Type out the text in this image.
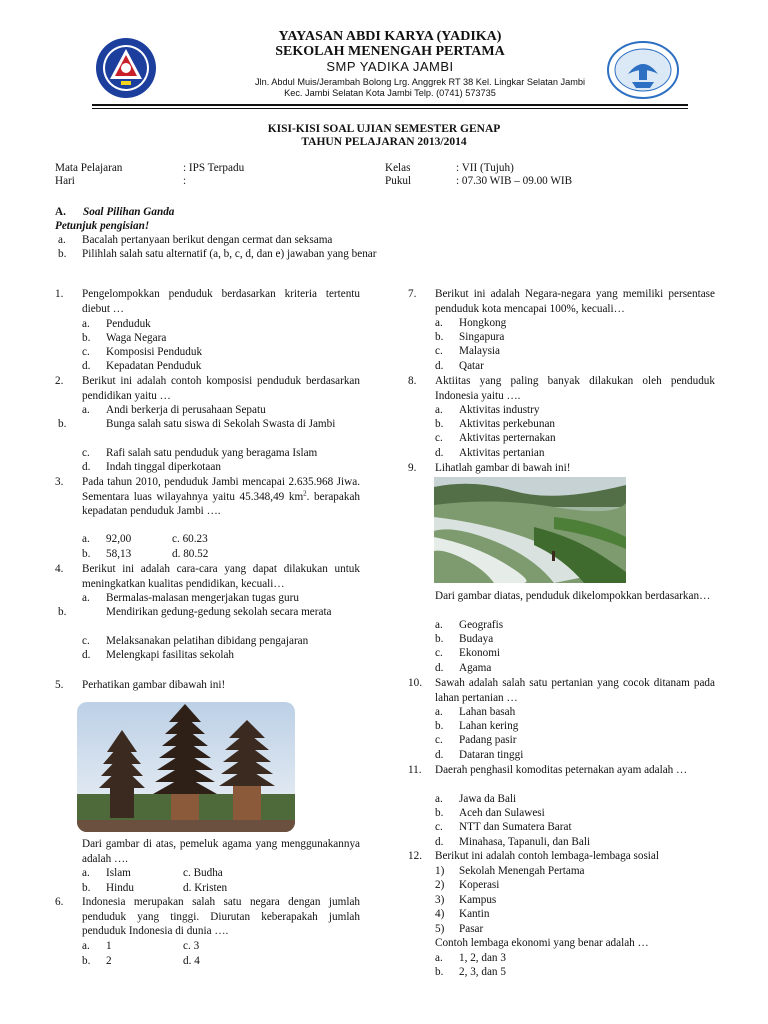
YAYASAN ABDI KARYA (YADIKA)
SEKOLAH MENENGAH PERTAMA
SMP YADIKA JAMBI
Jln. Abdul Muis/Jerambah Bolong Lrg. Anggrek RT 38 Kel. Lingkar Selatan Jambi
Kec. Jambi Selatan Kota Jambi Telp. (0741) 573735
KISI-KISI SOAL UJIAN SEMESTER GENAP
TAHUN PELAJARAN 2013/2014
Mata Pelajaran	: IPS Terpadu
Hari	:
Kelas	: VII (Tujuh)
Pukul	: 07.30 WIB – 09.00 WIB
A. Soal Pilihan Ganda
Petunjuk pengisian!
a. Bacalah pertanyaan berikut dengan cermat dan seksama
b. Pilihlah salah satu alternatif (a, b, c, d, dan e) jawaban yang benar
1. Pengelompokkan penduduk berdasarkan kriteria tertentu diebut …
a. Penduduk
b. Waga Negara
c. Komposisi Penduduk
d. Kepadatan Penduduk
2. Berikut ini adalah contoh komposisi penduduk berdasarkan pendidikan yaitu …
a. Andi berkerja di perusahaan Sepatu
b.	Bunga salah satu siswa di Sekolah Swasta di Jambi
c. Rafi salah satu penduduk yang beragama Islam
d. Indah tinggal diperkotaan
3. Pada tahun 2010, penduduk Jambi mencapai 2.635.968 Jiwa. Sementara luas wilayahnya yaitu 45.348,49 $km^2$. berapakah kepadatan penduduk Jambi ….
a. 92,00	c. 60.23
b. 58,13	d. 80.52
4. Berikut ini adalah cara-cara yang dapat dilakukan untuk meningkatkan kualitas pendidikan, kecuali…
a. Bermalas-malasan mengerjakan tugas guru
b.	Mendirikan gedung-gedung sekolah secara merata
c. Melaksanakan pelatihan dibidang pengajaran
d. Melengkapi fasilitas sekolah
5. Perhatikan gambar dibawah ini!
Dari gambar di atas, pemeluk agama yang menggunakannya adalah ….
a. Islam	c. Budha
b. Hindu	d. Kristen
6. Indonesia merupakan salah satu negara dengan jumlah penduduk yang tinggi. Diurutan keberapakah jumlah penduduk Indonesia di dunia ….
a. 1	c. 3
b. 2	d. 4
7. Berikut ini adalah Negara-negara yang memiliki persentase penduduk kota mencapai 100%, kecuali…
a. Hongkong
b. Singapura
c. Malaysia
d. Qatar
8. Aktiitas yang paling banyak dilakukan oleh penduduk Indonesia yaitu ….
a. Aktivitas industry
b. Aktivitas perkebunan
c. Aktivitas perternakan
d. Aktivitas pertanian
9. Lihatlah gambar di bawah ini!
Dari gambar diatas, penduduk dikelompokkan berdasarkan…
a. Geografis
b. Budaya
c. Ekonomi
d. Agama
10. Sawah adalah salah satu pertanian yang cocok ditanam pada lahan pertanian …
a. Lahan basah
b. Lahan kering
c. Padang pasir
d. Dataran tinggi
11. Daerah penghasil komoditas peternakan ayam adalah …
a. Jawa da Bali
b. Aceh dan Sulawesi
c. NTT dan Sumatera Barat
d. Minahasa, Tapanuli, dan Bali
12. Berikut ini adalah contoh lembaga-lembaga sosial
1) Sekolah Menengah Pertama
2) Koperasi
3) Kampus
4) Kantin
5) Pasar
Contoh lembaga ekonomi yang benar adalah …
a. 1, 2, dan 3
b. 2, 3, dan 5
